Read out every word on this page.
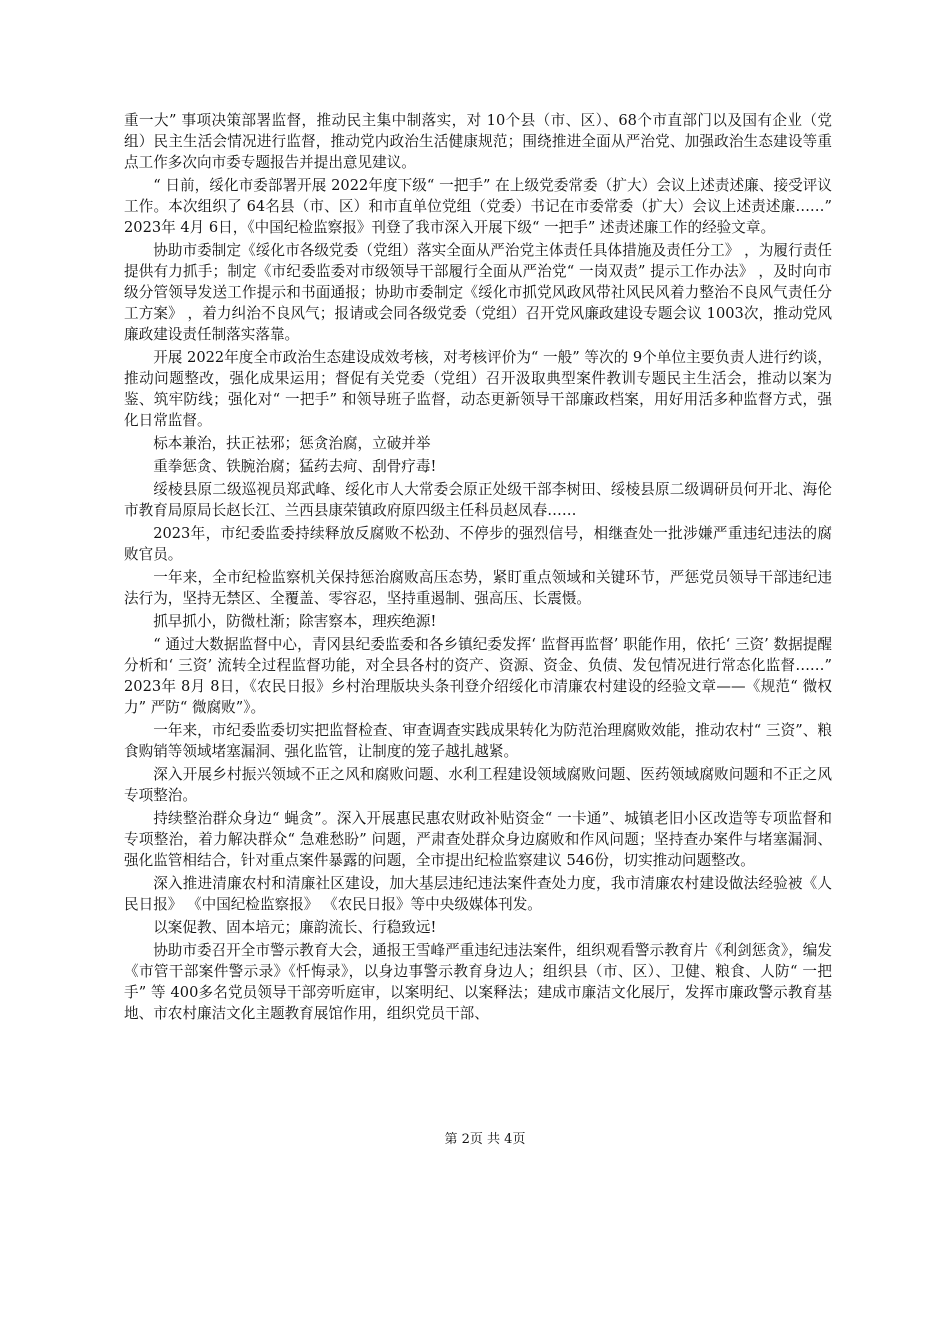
重一大” 事项决策部署监督，推动民主集中制落实，对 10个县（市、区）、68个市直部门以及国有企业（党组）民主生活会情况进行监督，推动党内政治生活健康规范；围绕推进全面从严治党、加强政治生态建设等重点工作多次向市委专题报告并提出意见建议。

“ 日前，绥化市委部署开展 2022年度下级“ 一把手” 在上级党委常委（扩大）会议上述责述廉、接受评议工作。本次组织了 64名县（市、区）和市直单位党组（党委）书记在市委常委（扩大）会议上述责述廉……” 2023年 4月 6日，《中国纪检监察报》刊登了我市深入开展下级“ 一把手” 述责述廉工作的经验文章。

协助市委制定《绥化市各级党委（党组）落实全面从严治党主体责任具体措施及责任分工》 ，为履行责任提供有力抓手；制定《市纪委监委对市级领导干部履行全面从严治党“ 一岗双责” 提示工作办法》 ，及时向市级分管领导发送工作提示和书面通报；协助市委制定《绥化市抓党风政风带社风民风着力整治不良风气责任分工方案》 ，着力纠治不良风气；报请或会同各级党委（党组）召开党风廉政建设专题会议 1003次，推动党风廉政建设责任制落实落靠。

开展 2022年度全市政治生态建设成效考核，对考核评价为“ 一般” 等次的 9个单位主要负责人进行约谈，推动问题整改，强化成果运用；督促有关党委（党组）召开汲取典型案件教训专题民主生活会，推动以案为鉴、筑牢防线；强化对“ 一把手” 和领导班子监督，动态更新领导干部廉政档案，用好用活多种监督方式，强化日常监督。

标本兼治，扶正祛邪；惩贪治腐，立破并举

重拳惩贪、铁腕治腐；猛药去疴、刮骨疗毒!

绥棱县原二级巡视员郑武峰、绥化市人大常委会原正处级干部李树田、绥棱县原二级调研员何开北、海伦市教育局原局长赵长江、兰西县康荣镇政府原四级主任科员赵凤春……

2023年，市纪委监委持续释放反腐败不松劲、不停步的强烈信号，相继查处一批涉嫌严重违纪违法的腐败官员。

一年来，全市纪检监察机关保持惩治腐败高压态势，紧盯重点领域和关键环节，严惩党员领导干部违纪违法行为，坚持无禁区、全覆盖、零容忍，坚持重遏制、强高压、长震慑。

抓早抓小，防微杜渐；除害察本，理疾绝源!

“ 通过大数据监督中心，青冈县纪委监委和各乡镇纪委发挥‘ 监督再监督’ 职能作用，依托‘ 三资’ 数据提醒分析和‘ 三资’ 流转全过程监督功能，对全县各村的资产、资源、资金、负债、发包情况进行常态化监督……” 2023年 8月 8日，《农民日报》乡村治理版块头条刊登介绍绥化市清廉农村建设的经验文章——《规范“ 微权力” 严防“ 微腐败”》。

一年来，市纪委监委切实把监督检查、审查调查实践成果转化为防范治理腐败效能，推动农村“ 三资”、粮食购销等领域堵塞漏洞、强化监管，让制度的笼子越扎越紧。

深入开展乡村振兴领域不正之风和腐败问题、水利工程建设领域腐败问题、医药领域腐败问题和不正之风专项整治。

持续整治群众身边“ 蝇贪”。深入开展惠民惠农财政补贴资金“ 一卡通”、城镇老旧小区改造等专项监督和专项整治，着力解决群众“ 急难愁盼” 问题，严肃查处群众身边腐败和作风问题；坚持查办案件与堵塞漏洞、强化监管相结合，针对重点案件暴露的问题，全市提出纪检监察建议 546份，切实推动问题整改。

深入推进清廉农村和清廉社区建设，加大基层违纪违法案件查处力度，我市清廉农村建设做法经验被《人民日报》 《中国纪检监察报》 《农民日报》等中央级媒体刊发。

以案促教、固本培元；廉韵流长、行稳致远!

协助市委召开全市警示教育大会，通报王雪峰严重违纪违法案件，组织观看警示教育片《利剑惩贪》，编发《市管干部案件警示录》《忏悔录》，以身边事警示教育身边人；组织县（市、区）、卫健、粮食、人防“ 一把手” 等 400多名党员领导干部旁听庭审，以案明纪、以案释法；建成市廉洁文化展厅，发挥市廉政警示教育基地、市农村廉洁文化主题教育展馆作用，组织党员干部、

第 2页 共 4页
